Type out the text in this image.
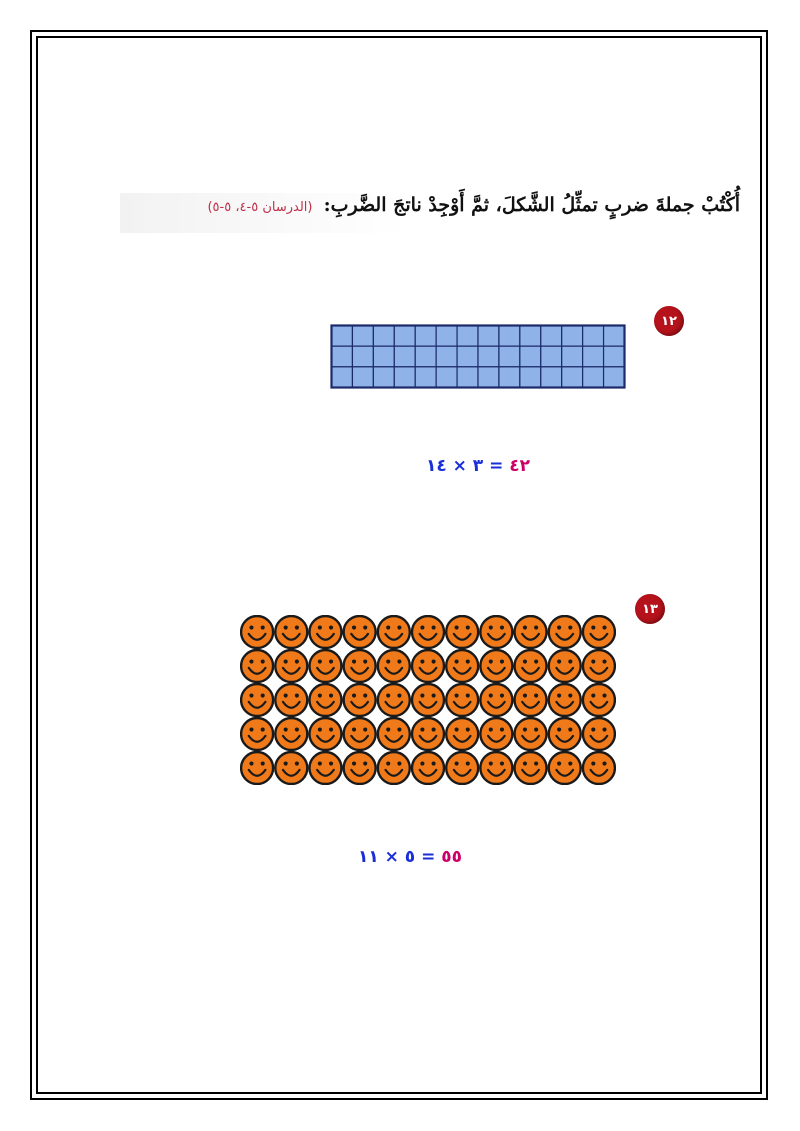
أُكْتُبْ جملةَ ضربٍ تمثِّلُ الشَّكلَ، ثمَّ أَوْجِدْ ناتجَ الضَّربِ: (الدرسان ٥-٤، ٥-٥)
١٢
٤٢ = ٣ × ١٤
١٣
٥٥ = ٥ × ١١
